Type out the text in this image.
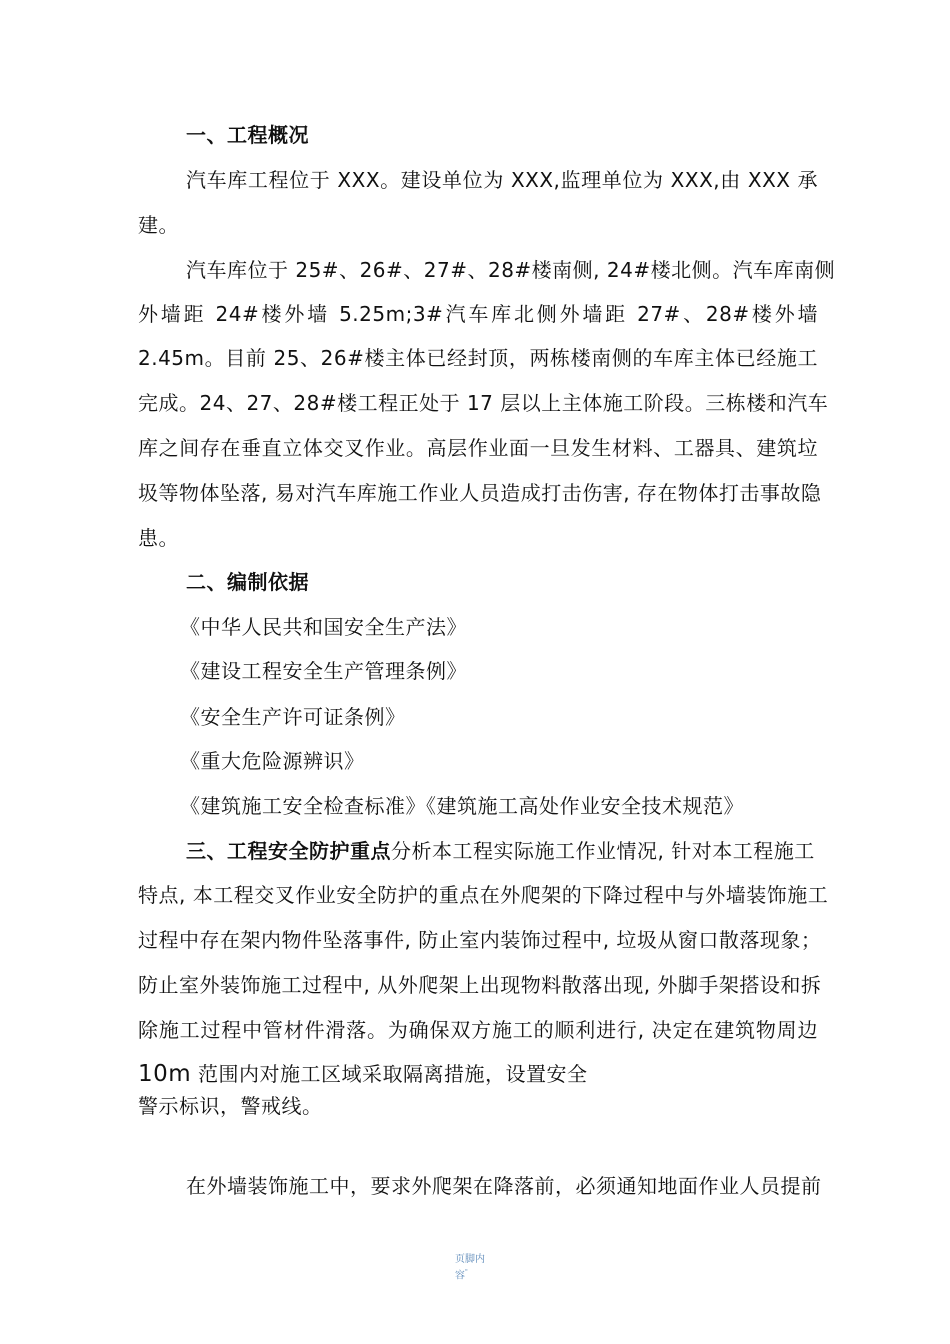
一、工程概况
汽车库工程位于 XXX。建设单位为 XXX,监理单位为 XXX,由 XXX 承
建。
汽车库位于 25#、26#、27#、28#楼南侧, 24#楼北侧。汽车库南侧
外墙距 24#楼外墙 5.25m;3#汽车库北侧外墙距 27#、28#楼外墙
2.45m。目前 25、26#楼主体已经封顶，两栋楼南侧的车库主体已经施工
完成。24、27、28#楼工程正处于 17 层以上主体施工阶段。三栋楼和汽车
库之间存在垂直立体交叉作业。高层作业面一旦发生材料、工器具、建筑垃
圾等物体坠落, 易对汽车库施工作业人员造成打击伤害, 存在物体打击事故隐
患。
二、编制依据
《中华人民共和国安全生产法》
《建设工程安全生产管理条例》
《安全生产许可证条例》
《重大危险源辨识》
《建筑施工安全检查标准》《建筑施工高处作业安全技术规范》
三、工程安全防护重点分析本工程实际施工作业情况, 针对本工程施工
特点, 本工程交叉作业安全防护的重点在外爬架的下降过程中与外墙装饰施工
过程中存在架内物件坠落事件, 防止室内装饰过程中, 垃圾从窗口散落现象；
防止室外装饰施工过程中, 从外爬架上出现物料散落出现, 外脚手架搭设和拆
除施工过程中管材件滑落。为确保双方施工的顺利进行, 决定在建筑物周边
10m 范围内对施工区域采取隔离措施，设置安全
警示标识，警戒线。
在外墙装饰施工中，要求外爬架在降落前，必须通知地面作业人员提前
页脚内
容"
